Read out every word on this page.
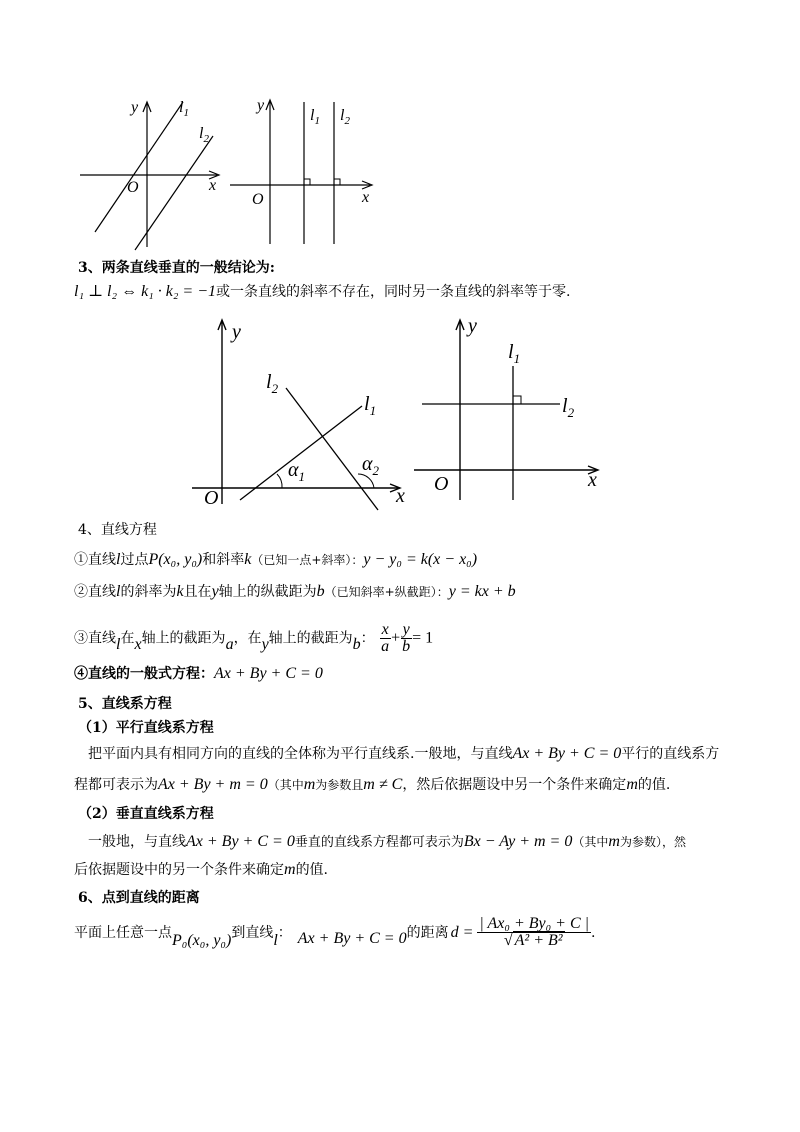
y
x
O
$l_1$
$l_2$
y
x
O
$l_1$ $l_2$
3、两条直线垂直的一般结论为:
l₁ ⊥ l₂ ⇔ k₁ · k₂ = −1或一条直线的斜率不存在，同时另一条直线的斜率等于零.
y
x
O
$l_1$
$l_2$
$\alpha_1$
$\alpha_2$
y
x
O
$l_1$
$l_2$
4、直线方程
①直线l过点P(x₀, y₀)和斜率k（已知一点+斜率）：y − y₀ = k(x − x₀)
②直线l的斜率为k且在y轴上的纵截距为b（已知斜率+纵截距）：y = kx + b
③直线l在x轴上的截距为a，在y轴上的截距为b： $\frac{x}{a} + \frac{y}{b} = 1$
④直线的一般式方程：Ax + By + C = 0
5、直线系方程
（1）平行直线系方程
把平面内具有相同方向的直线的全体称为平行直线系.一般地，与直线Ax + By + C = 0平行的直线系方
程都可表示为Ax + By + m = 0（其中m为参数且m ≠ C，然后依据题设中另一个条件来确定m的值.
（2）垂直直线系方程
一般地，与直线Ax + By + C = 0垂直的直线系方程都可表示为Bx − Ay + m = 0（其中m为参数），然
后依据题设中的另一个条件来确定m的值.
6、点到直线的距离
平面上任意一点 P₀(x₀, y₀) 到直线 l ： Ax + By + C = 0 的距离 $d = \frac{\text{| Ax₀ + By₀ + C |}}{\text{√ A² + B²}}$ .
